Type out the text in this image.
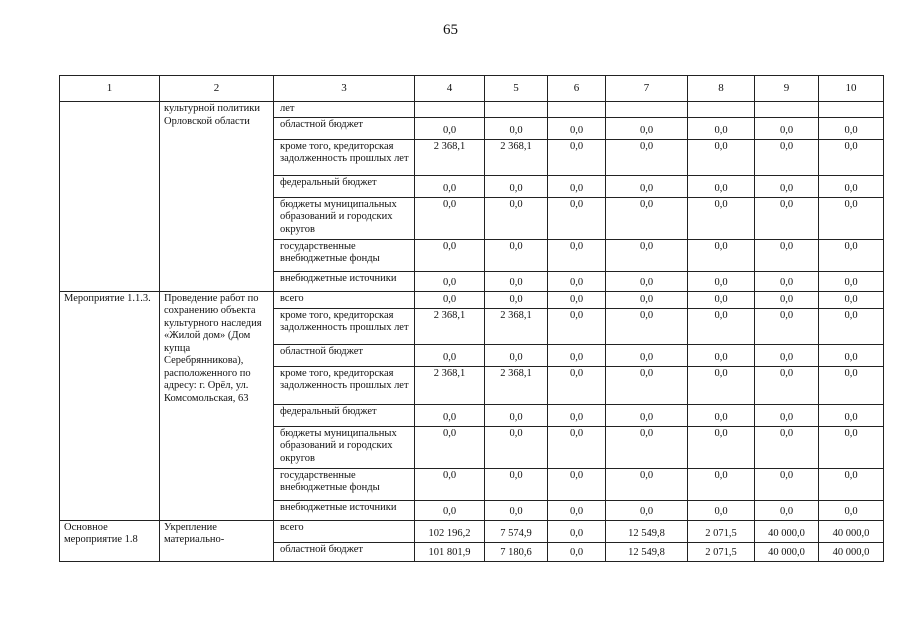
65
1	2	3	4	5	6	7	8	9	10
	культурной политики Орловской области	лет							
		областной бюджет	0,0	0,0	0,0	0,0	0,0	0,0	0,0
		кроме того, кредиторская задолженность прошлых лет	2 368,1	2 368,1	0,0	0,0	0,0	0,0	0,0
		федеральный бюджет	0,0	0,0	0,0	0,0	0,0	0,0	0,0
		бюджеты муниципальных образований и городских округов	0,0	0,0	0,0	0,0	0,0	0,0	0,0
		государственные внебюджетные фонды	0,0	0,0	0,0	0,0	0,0	0,0	0,0
		внебюджетные источники	0,0	0,0	0,0	0,0	0,0	0,0	0,0
Мероприятие 1.1.3.	Проведение работ по сохранению объекта культурного наследия «Жилой дом» (Дом купца Серебрянникова), расположенного по адресу: г. Орёл, ул. Комсомольская, 63	всего	0,0	0,0	0,0	0,0	0,0	0,0	0,0
		кроме того, кредиторская задолженность прошлых лет	2 368,1	2 368,1	0,0	0,0	0,0	0,0	0,0
		областной бюджет	0,0	0,0	0,0	0,0	0,0	0,0	0,0
		кроме того, кредиторская задолженность прошлых лет	2 368,1	2 368,1	0,0	0,0	0,0	0,0	0,0
		федеральный бюджет	0,0	0,0	0,0	0,0	0,0	0,0	0,0
		бюджеты муниципальных образований и городских округов	0,0	0,0	0,0	0,0	0,0	0,0	0,0
		государственные внебюджетные фонды	0,0	0,0	0,0	0,0	0,0	0,0	0,0
		внебюджетные источники	0,0	0,0	0,0	0,0	0,0	0,0	0,0
Основное мероприятие 1.8	Укрепление материально-	всего	102 196,2	7 574,9	0,0	12 549,8	2 071,5	40 000,0	40 000,0
		областной бюджет	101 801,9	7 180,6	0,0	12 549,8	2 071,5	40 000,0	40 000,0
